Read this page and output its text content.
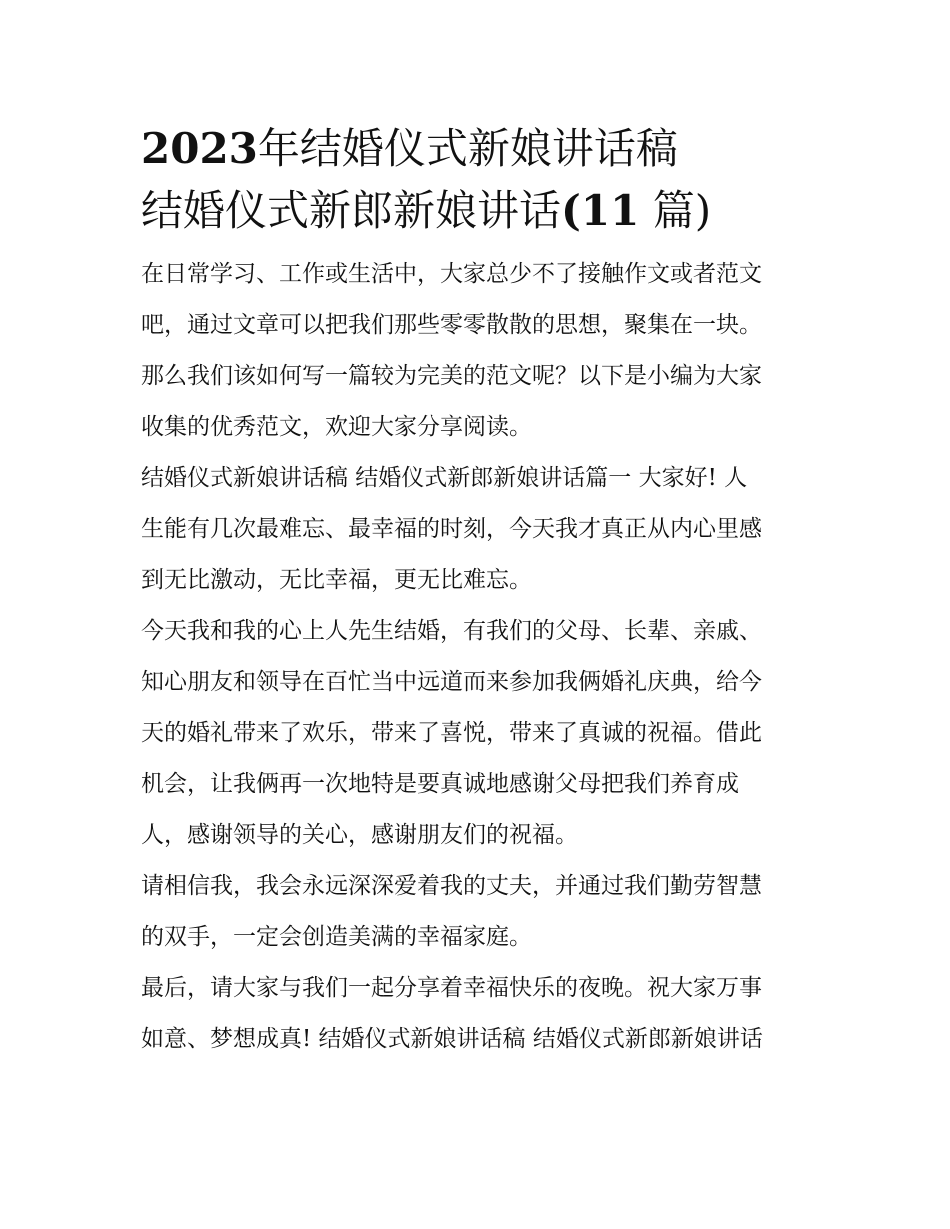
2023年结婚仪式新娘讲话稿
结婚仪式新郎新娘讲话(11 篇)
在日常学习、工作或生活中，大家总少不了接触作文或者范文
吧，通过文章可以把我们那些零零散散的思想，聚集在一块。
那么我们该如何写一篇较为完美的范文呢？以下是小编为大家
收集的优秀范文，欢迎大家分享阅读。
结婚仪式新娘讲话稿 结婚仪式新郎新娘讲话篇一 大家好! 人
生能有几次最难忘、最幸福的时刻，今天我才真正从内心里感
到无比激动，无比幸福，更无比难忘。
今天我和我的心上人先生结婚，有我们的父母、长辈、亲戚、
知心朋友和领导在百忙当中远道而来参加我俩婚礼庆典，给今
天的婚礼带来了欢乐，带来了喜悦，带来了真诚的祝福。借此
机会，让我俩再一次地特是要真诚地感谢父母把我们养育成
人，感谢领导的关心，感谢朋友们的祝福。
请相信我，我会永远深深爱着我的丈夫，并通过我们勤劳智慧
的双手，一定会创造美满的幸福家庭。
最后，请大家与我们一起分享着幸福快乐的夜晚。祝大家万事
如意、梦想成真! 结婚仪式新娘讲话稿 结婚仪式新郎新娘讲话
